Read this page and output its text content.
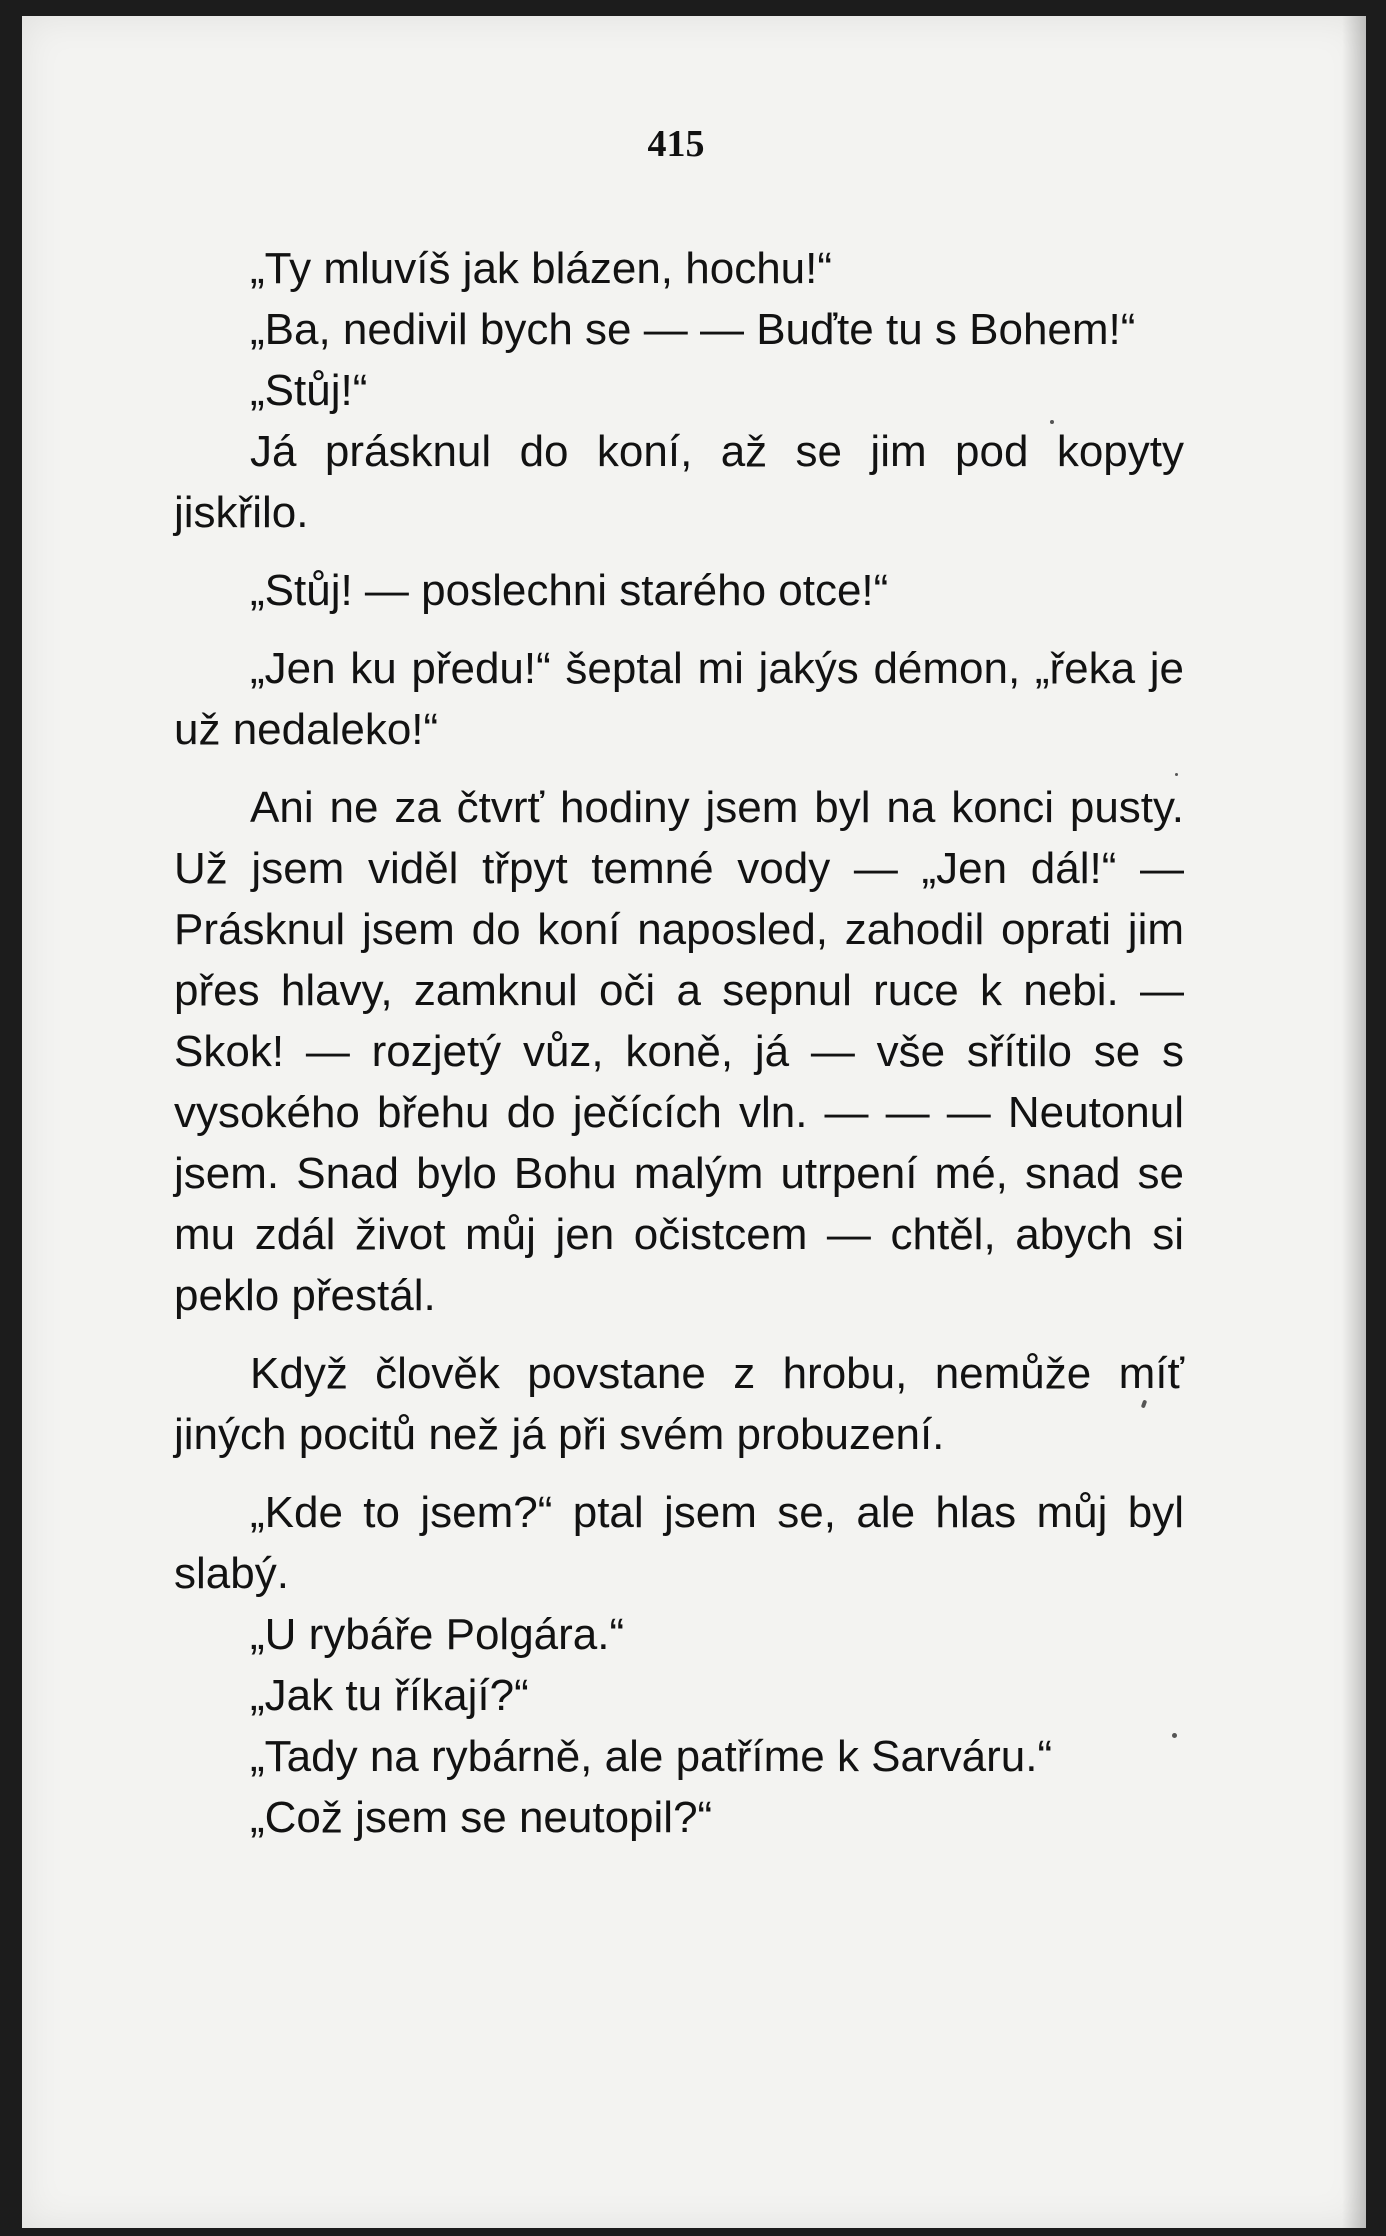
415

„Ty mluvíš jak blázen, hochu!“

„Ba, nedivil bych se — — Buďte tu s Bohem!“

„Stůj!“

Já prásknul do koní, až se jim pod kopyty jiskřilo.

„Stůj! — poslechni starého otce!“

„Jen ku předu!“ šeptal mi jakýs démon, „řeka je už nedaleko!“

Ani ne za čtvrť hodiny jsem byl na konci pusty. Už jsem viděl třpyt temné vody — „Jen dál!“ — Prásknul jsem do koní naposled, zahodil oprati jim přes hlavy, zamknul oči a sepnul ruce k nebi. — Skok! — rozjetý vůz, koně, já — vše sřítilo se s vysokého břehu do ječících vln. — — — Neutonul jsem. Snad bylo Bohu malým utrpení mé, snad se mu zdál život můj jen očistcem — chtěl, abych si peklo přestál.

Když člověk povstane z hrobu, nemůže míť jiných pocitů než já při svém probuzení.

„Kde to jsem?“ ptal jsem se, ale hlas můj byl slabý.

„U rybáře Polgára.“

„Jak tu říkají?“

„Tady na rybárně, ale patříme k Sarváru.“

„Což jsem se neutopil?“
